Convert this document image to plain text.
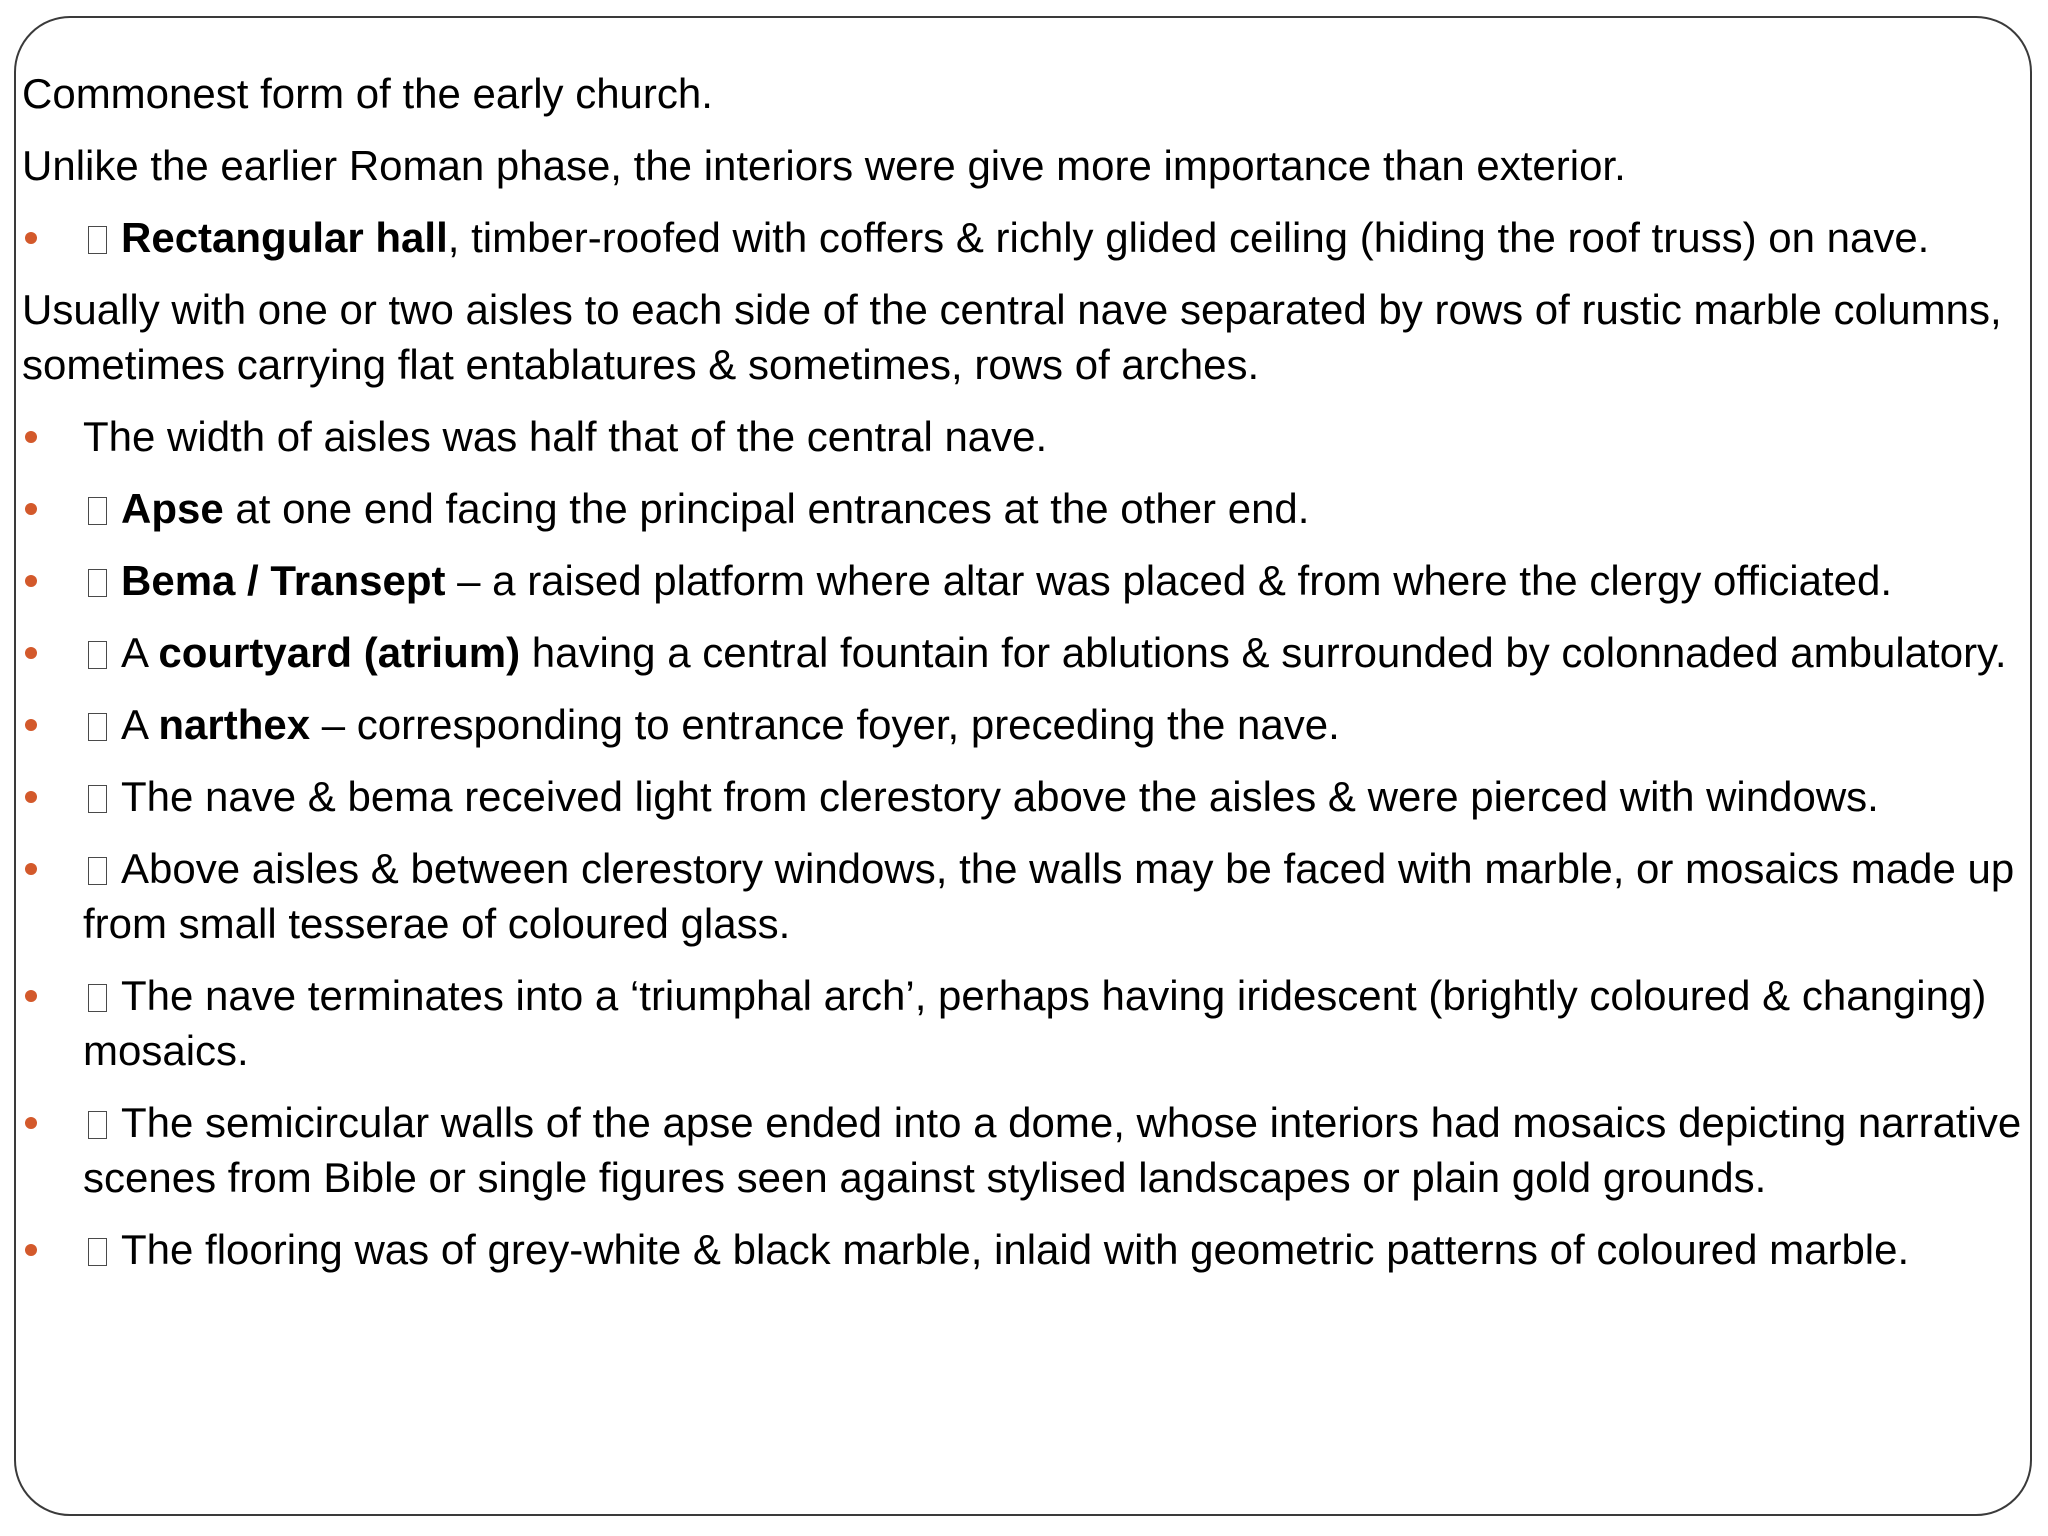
Commonest form of the early church.

Unlike the earlier Roman phase, the interiors were give more importance than exterior.

Rectangular hall, timber-roofed with coffers & richly glided ceiling (hiding the roof truss) on nave.

Usually with one or two aisles to each side of the central nave separated by rows of rustic marble columns, sometimes carrying flat entablatures & sometimes, rows of arches.

The width of aisles was half that of the central nave.
Apse at one end facing the principal entrances at the other end.
Bema / Transept – a raised platform where altar was placed & from where the clergy officiated.
A courtyard (atrium) having a central fountain for ablutions & surrounded by colonnaded ambulatory.
A narthex – corresponding to entrance foyer, preceding the nave.
The nave & bema received light from clerestory above the aisles & were pierced with windows.
Above aisles & between clerestory windows, the walls may be faced with marble, or mosaics made up from small tesserae of coloured glass.
The nave terminates into a ‘triumphal arch’, perhaps having iridescent (brightly coloured & changing) mosaics.
The semicircular walls of the apse ended into a dome, whose interiors had mosaics depicting narrative scenes from Bible or single figures seen against stylised landscapes or plain gold grounds.
The flooring was of grey-white & black marble, inlaid with geometric patterns of coloured marble.
